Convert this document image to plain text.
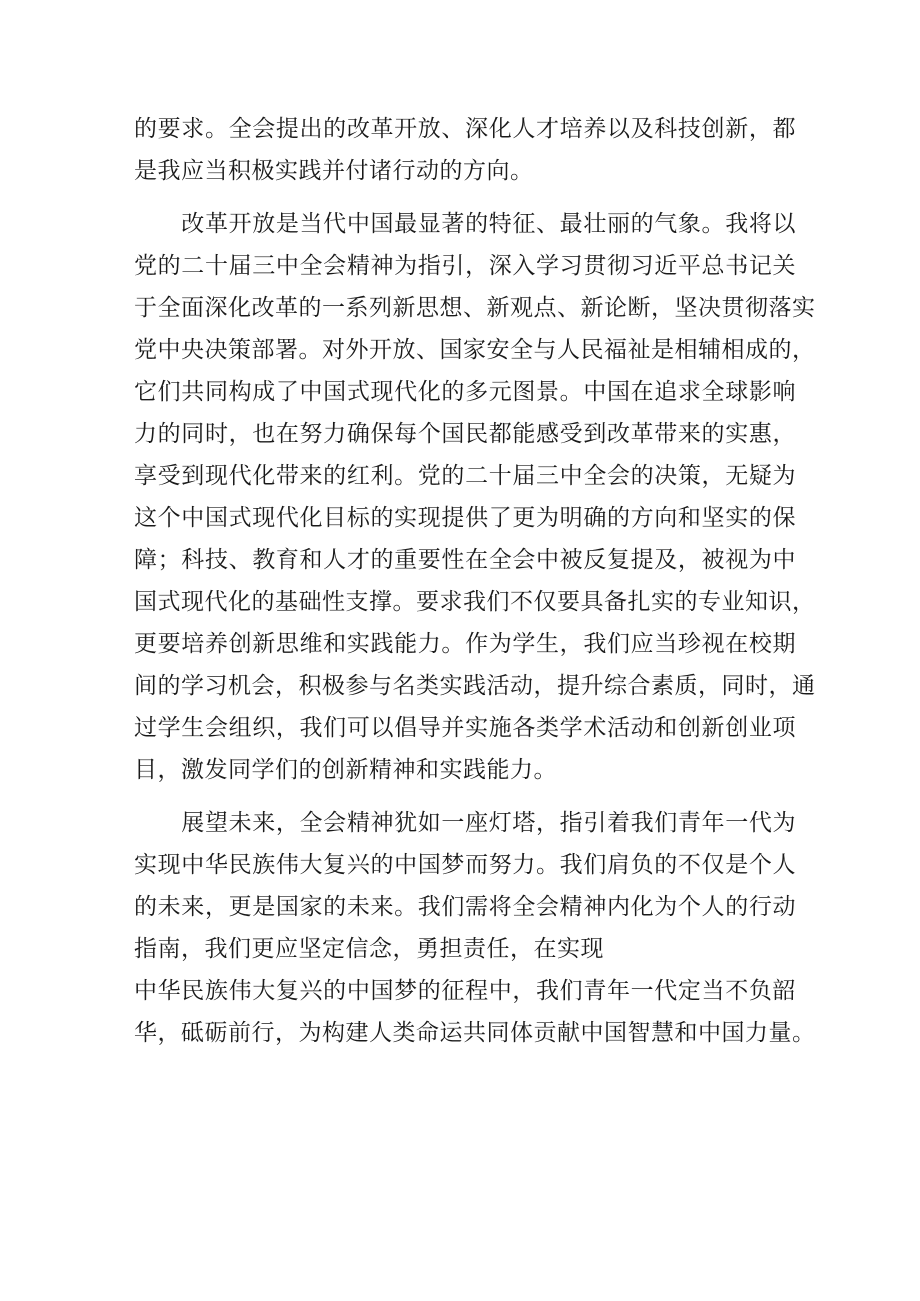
的要求。全会提出的改革开放、深化人才培养以及科技创新，都
是我应当积极实践并付诸行动的方向。
　　改革开放是当代中国最显著的特征、最壮丽的气象。我将以
党的二十届三中全会精神为指引，深入学习贯彻习近平总书记关
于全面深化改革的一系列新思想、新观点、新论断，坚决贯彻落实
党中央决策部署。对外开放、国家安全与人民福祉是相辅相成的，
它们共同构成了中国式现代化的多元图景。中国在追求全球影响
力的同时，也在努力确保每个国民都能感受到改革带来的实惠，
享受到现代化带来的红利。党的二十届三中全会的决策，无疑为
这个中国式现代化目标的实现提供了更为明确的方向和坚实的保
障；科技、教育和人才的重要性在全会中被反复提及，被视为中
国式现代化的基础性支撑。要求我们不仅要具备扎实的专业知识，
更要培养创新思维和实践能力。作为学生，我们应当珍视在校期
间的学习机会，积极参与名类实践活动，提升综合素质，同时，通
过学生会组织，我们可以倡导并实施各类学术活动和创新创业项
目，激发同学们的创新精神和实践能力。
　　展望未来，全会精神犹如一座灯塔，指引着我们青年一代为
实现中华民族伟大复兴的中国梦而努力。我们肩负的不仅是个人
的未来，更是国家的未来。我们需将全会精神内化为个人的行动
指南，我们更应坚定信念，勇担责任，在实现
中华民族伟大复兴的中国梦的征程中，我们青年一代定当不负韶
华，砥砺前行，为构建人类命运共同体贡献中国智慧和中国力量。
